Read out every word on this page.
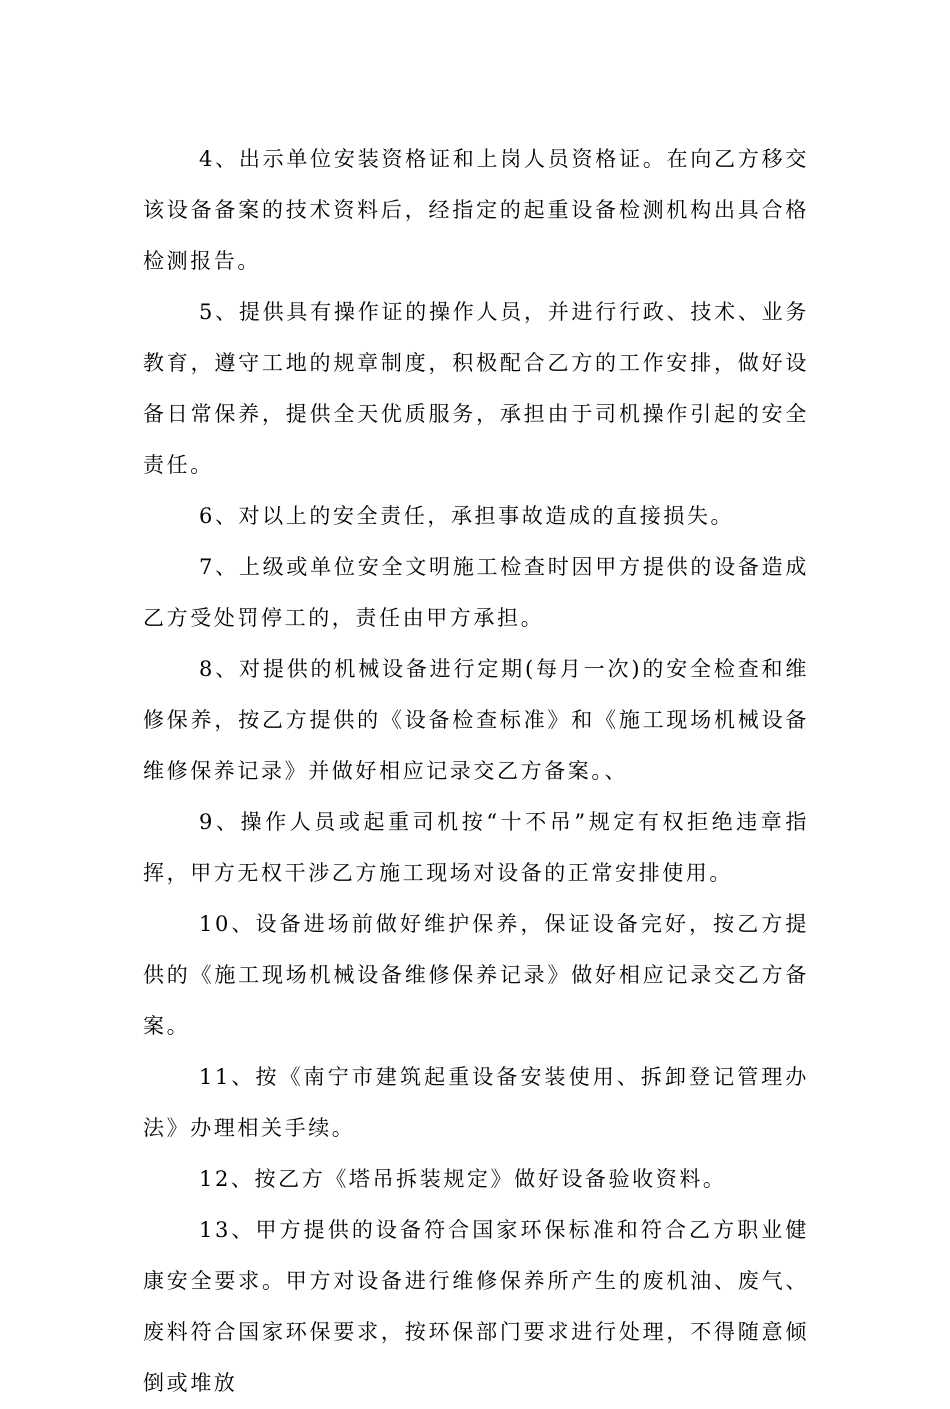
4、出示单位安装资格证和上岗人员资格证。在向乙方移交该设备备案的技术资料后，经指定的起重设备检测机构出具合格检测报告。

5、提供具有操作证的操作人员，并进行行政、技术、业务教育，遵守工地的规章制度，积极配合乙方的工作安排，做好设备日常保养，提供全天优质服务，承担由于司机操作引起的安全责任。

6、对以上的安全责任，承担事故造成的直接损失。

7、上级或单位安全文明施工检查时因甲方提供的设备造成乙方受处罚停工的，责任由甲方承担。

8、对提供的机械设备进行定期(每月一次)的安全检查和维修保养，按乙方提供的《设备检查标准》和《施工现场机械设备维修保养记录》并做好相应记录交乙方备案。、

9、操作人员或起重司机按“十不吊”规定有权拒绝违章指挥，甲方无权干涉乙方施工现场对设备的正常安排使用。

10、设备进场前做好维护保养，保证设备完好，按乙方提供的《施工现场机械设备维修保养记录》做好相应记录交乙方备案。

11、按《南宁市建筑起重设备安装使用、拆卸登记管理办法》办理相关手续。

12、按乙方《塔吊拆装规定》做好设备验收资料。

13、甲方提供的设备符合国家环保标准和符合乙方职业健康安全要求。甲方对设备进行维修保养所产生的废机油、废气、废料符合国家环保要求，按环保部门要求进行处理，不得随意倾倒或堆放
